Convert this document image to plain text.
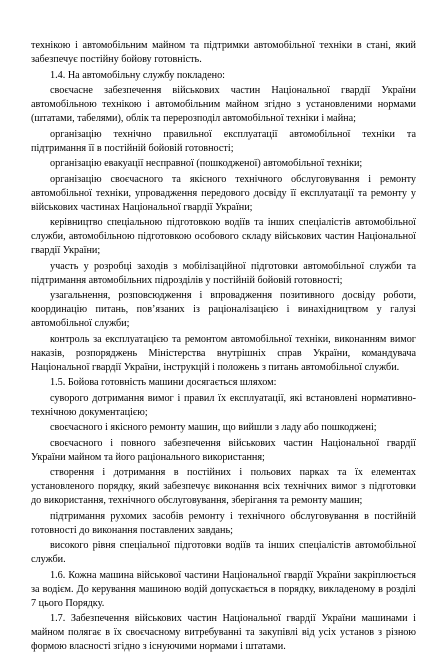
технікою і автомобільним майном та підтримки автомобільної техніки в стані, який забезпечує постійну бойову готовність.

1.4. На автомобільну службу покладено:

своєчасне забезпечення військових частин Національної гвардії України автомобільною технікою і автомобільним майном згідно з установленими нормами (штатами, табелями), облік та перерозподіл автомобільної техніки і майна;

організацію технічно правильної експлуатації автомобільної техніки та підтримання її в постійній бойовій готовності;

організацію евакуації несправної (пошкодженої) автомобільної техніки;

організацію своєчасного та якісного технічного обслуговування і ремонту автомобільної техніки, упровадження передового досвіду її експлуатації та ремонту у військових частинах Національної гвардії України;

керівництво спеціальною підготовкою водіїв та інших спеціалістів автомобільної служби, автомобільною підготовкою особового складу військових частин Національної гвардії України;

участь у розробці заходів з мобілізаційної підготовки автомобільної служби та підтримання автомобільних підрозділів у постійній бойовій готовності;

узагальнення, розповсюдження і впровадження позитивного досвіду роботи, координацію питань, пов’язаних із раціоналізацією і винахідництвом у галузі автомобільної служби;

контроль за експлуатацією та ремонтом автомобільної техніки, виконанням вимог наказів, розпоряджень Міністерства внутрішніх справ України, командувача Національної гвардії України, інструкцій і положень з питань автомобільної служби.

1.5. Бойова готовність машини досягається шляхом:

суворого дотримання вимог і правил їх експлуатації, які встановлені нормативно-технічною документацією;

своєчасного і якісного ремонту машин, що вийшли з ладу або пошкоджені;

своєчасного і повного забезпечення військових частин Національної гвардії України майном та його раціонального використання;

створення і дотримання в постійних і польових парках та їх елементах установленого порядку, який забезпечує виконання всіх технічних вимог з підготовки до використання, технічного обслуговування, зберігання та ремонту машин;

підтримання рухомих засобів ремонту і технічного обслуговування в постійній готовності до виконання поставлених завдань;

високого рівня спеціальної підготовки водіїв та інших спеціалістів автомобільної служби.

1.6. Кожна машина військової частини Національної гвардії України закріплюється за водієм. До керування машиною водій допускається в порядку, викладеному в розділі 7 цього Порядку.

1.7. Забезпечення військових частин Національної гвардії України машинами і майном полягає в їх своєчасному витребуванні та закупівлі від усіх установ з різною формою власності згідно з існуючими нормами і штатами.
